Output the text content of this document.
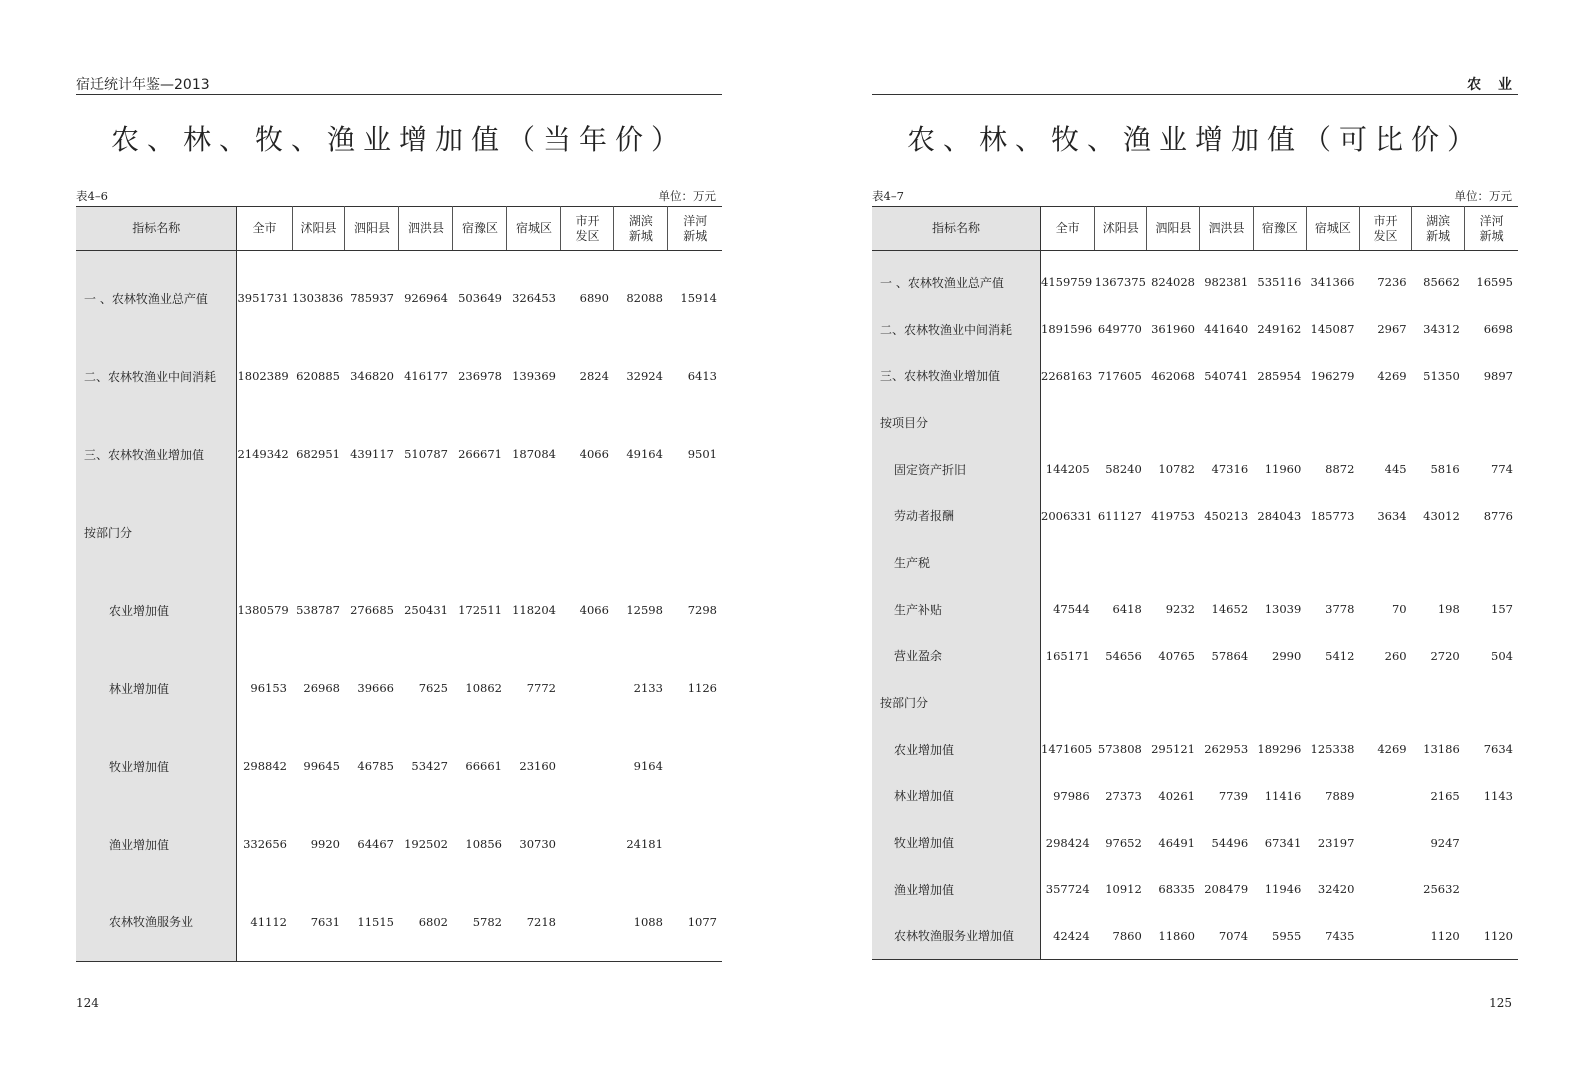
宿迁统计年鉴—2013
农、林、牧、渔业增加值（当年价）
表4–6	单位：万元
指标名称	全市	沭阳县	泗阳县	泗洪县	宿豫区	宿城区	市开发区	湖滨新城	洋河新城

一 、农林牧渔业总产值	3951731	1303836	785937	926964	503649	326453	6890	82088	15914
二、农林牧渔业中间消耗	1802389	620885	346820	416177	236978	139369	2824	32924	6413
三、农林牧渔业增加值	2149342	682951	439117	510787	266671	187084	4066	49164	9501
按部门分									
农业增加值	1380579	538787	276685	250431	172511	118204	4066	12598	7298
林业增加值	96153	26968	39666	7625	10862	7772		2133	1126
牧业增加值	298842	99645	46785	53427	66661	23160		9164	
渔业增加值	332656	9920	64467	192502	10856	30730		24181	
农林牧渔服务业	41112	7631	11515	6802	5782	7218		1088	1077
124
农 业
农、林、牧、渔业增加值（可比价）
表4–7	单位：万元
指标名称	全市	沭阳县	泗阳县	泗洪县	宿豫区	宿城区	市开发区	湖滨新城	洋河新城

一 、农林牧渔业总产值	4159759	1367375	824028	982381	535116	341366	7236	85662	16595
二、农林牧渔业中间消耗	1891596	649770	361960	441640	249162	145087	2967	34312	6698
三、农林牧渔业增加值	2268163	717605	462068	540741	285954	196279	4269	51350	9897
按项目分									
固定资产折旧	144205	58240	10782	47316	11960	8872	445	5816	774
劳动者报酬	2006331	611127	419753	450213	284043	185773	3634	43012	8776
生产税									
生产补贴	47544	6418	9232	14652	13039	3778	70	198	157
营业盈余	165171	54656	40765	57864	2990	5412	260	2720	504
按部门分									
农业增加值	1471605	573808	295121	262953	189296	125338	4269	13186	7634
林业增加值	97986	27373	40261	7739	11416	7889		2165	1143
牧业增加值	298424	97652	46491	54496	67341	23197		9247	
渔业增加值	357724	10912	68335	208479	11946	32420		25632	
农林牧渔服务业增加值	42424	7860	11860	7074	5955	7435		1120	1120
125
